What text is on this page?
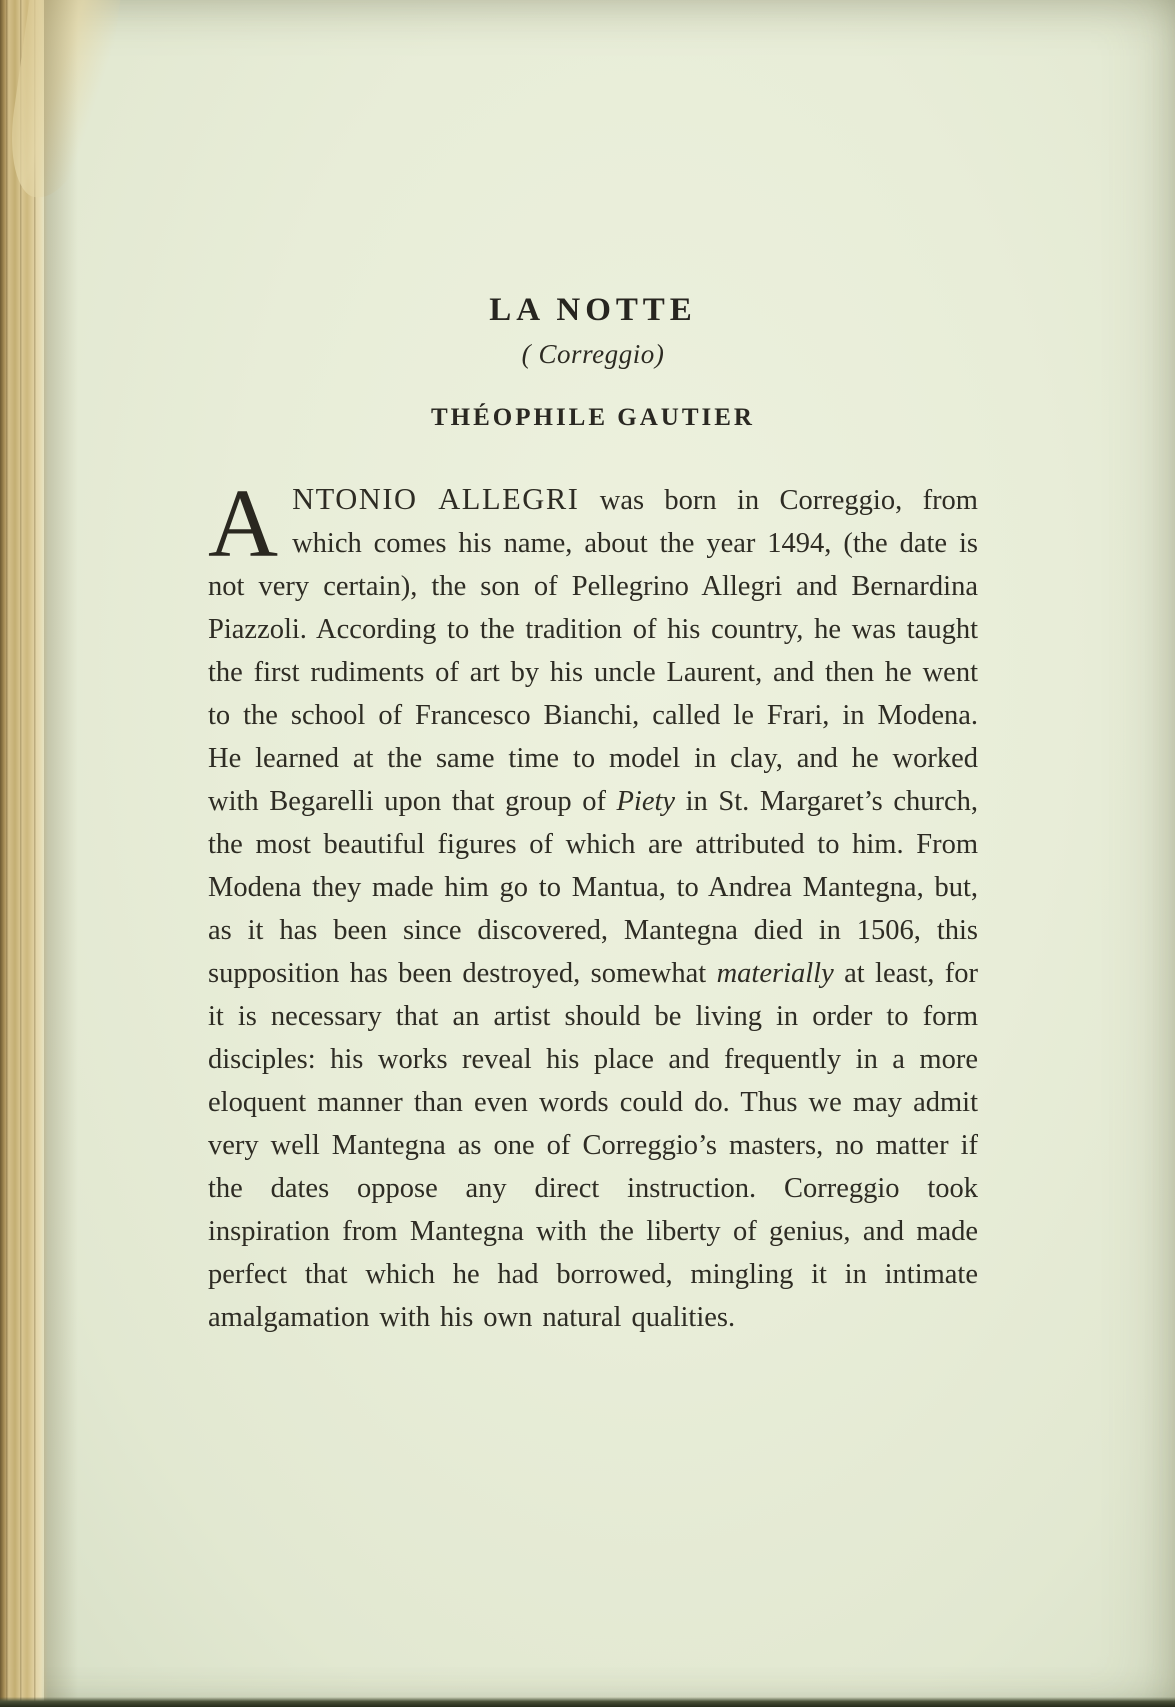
LA NOTTE
( Correggio)
THÉOPHILE GAUTIER

ANTONIO ALLEGRI was born in Correggio, from which comes his name, about the year 1494, (the date is not very certain), the son of Pellegrino Allegri and Bernardina Piazzoli. According to the tradition of his country, he was taught the first rudiments of art by his uncle Laurent, and then he went to the school of Francesco Bianchi, called le Frari, in Modena. He learned at the same time to model in clay, and he worked with Begarelli upon that group of Piety in St. Margaret’s church, the most beautiful figures of which are attributed to him. From Modena they made him go to Mantua, to Andrea Mantegna, but, as it has been since discovered, Mantegna died in 1506, this supposition has been destroyed, somewhat materially at least, for it is necessary that an artist should be living in order to form disciples: his works reveal his place and frequently in a more eloquent manner than even words could do. Thus we may admit very well Mantegna as one of Correggio’s masters, no matter if the dates oppose any direct instruction. Correggio took inspiration from Mantegna with the liberty of genius, and made perfect that which he had borrowed, mingling it in intimate amalgamation with his own natural qualities.
